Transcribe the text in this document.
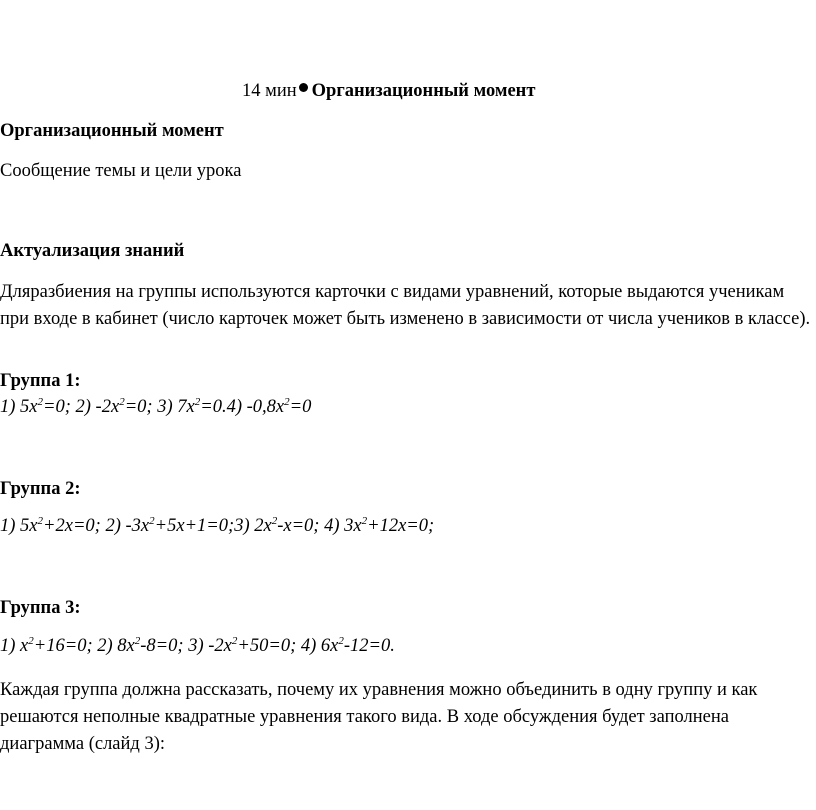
14 мин Организационный момент
Организационный момент
Сообщение темы и цели урока
Актуализация знаний
Дляразбиения на группы используются карточки с видами уравнений, которые выдаются ученикам при входе в кабинет (число карточек может быть изменено в зависимости от числа учеников в классе).
Группа 1:
1) $5x^2=0$; 2) $-2x^2=0$; 3) $7x^2=0.4$) $-0,8x^2=0$
Группа 2:
1) $5x^2+2x=0$; 2) $-3x^2+5x+1=0;3$) $2x^2-x=0$; 4) $3x^2+12x=0$;
Группа 3:
1) $x^2+16=0$; 2) $8x^2-8=0$; 3) $-2x^2+50=0$; 4) $6x^2-12=0$.
Каждая группа должна рассказать, почему их уравнения можно объединить в одну группу и как решаются неполные квадратные уравнения такого вида. В ходе обсуждения будет заполнена диаграмма (слайд 3):
